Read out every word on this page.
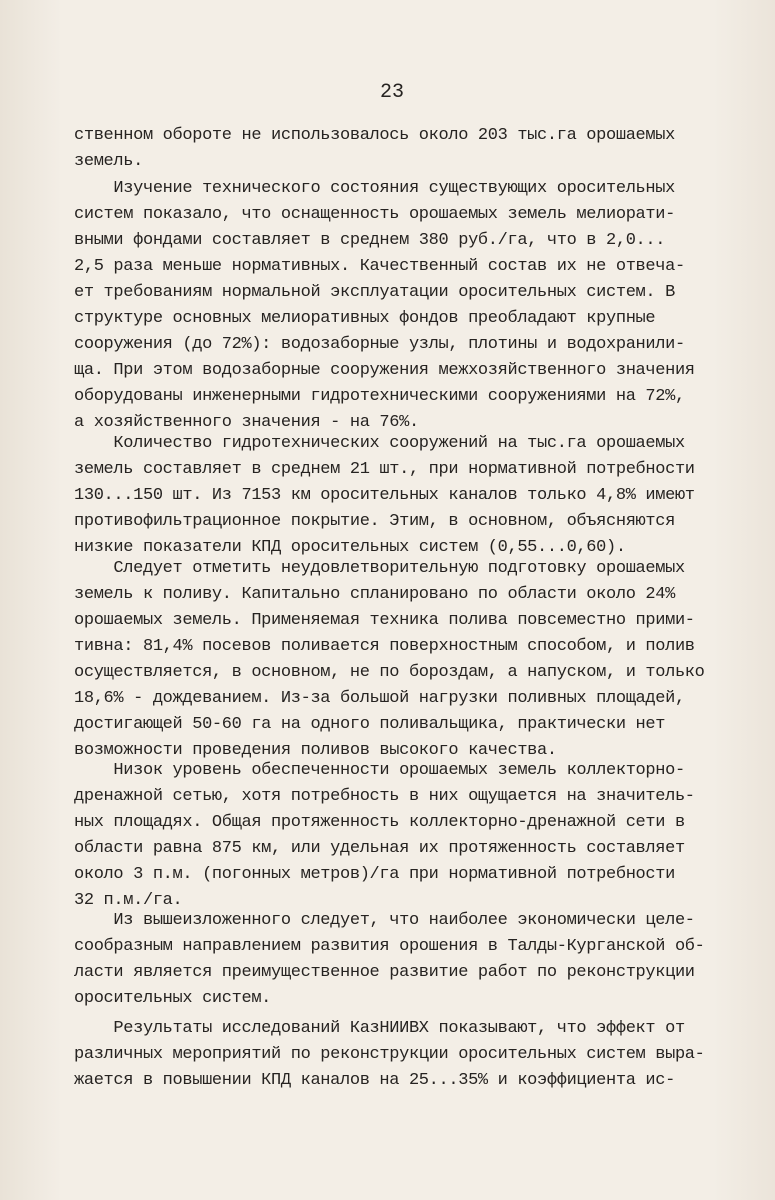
23
ственном обороте не использовалось около 203 тыс.га орошаемых
земель.
Изучение технического состояния существующих оросительных
систем показало, что оснащенность орошаемых земель мелиорати-
вными фондами составляет в среднем 380 руб./га, что в 2,0...
2,5 раза меньше нормативных. Качественный состав их не отвеча-
ет требованиям нормальной эксплуатации оросительных систем. В
структуре основных мелиоративных фондов преобладают крупные
сооружения (до 72%): водозаборные узлы, плотины и водохранили-
ща. При этом водозаборные сооружения межхозяйственного значения
оборудованы инженерными гидротехническими сооружениями на 72%,
а хозяйственного значения - на 76%.
Количество гидротехнических сооружений на тыс.га орошаемых
земель составляет в среднем 21 шт., при нормативной потребности
130...150 шт. Из 7153 км оросительных каналов только 4,8% имеют
противофильтрационное покрытие. Этим, в основном, объясняются
низкие показатели КПД оросительных систем (0,55...0,60).
Следует отметить неудовлетворительную подготовку орошаемых
земель к поливу. Капитально спланировано по области около 24%
орошаемых земель. Применяемая техника полива повсеместно прими-
тивна: 81,4% посевов поливается поверхностным способом, и полив
осуществляется, в основном, не по бороздам, а напуском, и только
18,6% - дождеванием. Из-за большой нагрузки поливных площадей,
достигающей 50-60 га на одного поливальщика, практически нет
возможности проведения поливов высокого качества.
Низок уровень обеспеченности орошаемых земель коллекторно-
дренажной сетью, хотя потребность в них ощущается на значитель-
ных площадях. Общая протяженность коллекторно-дренажной сети в
области равна 875 км, или удельная их протяженность составляет
около 3 п.м. (погонных метров)/га при нормативной потребности
32 п.м./га.
Из вышеизложенного следует, что наиболее экономически целе-
сообразным направлением развития орошения в Талды-Курганской об-
ласти является преимущественное развитие работ по реконструкции
оросительных систем.
Результаты исследований КазНИИВХ показывают, что эффект от
различных мероприятий по реконструкции оросительных систем выра-
жается в повышении КПД каналов на 25...35% и коэффициента ис-
